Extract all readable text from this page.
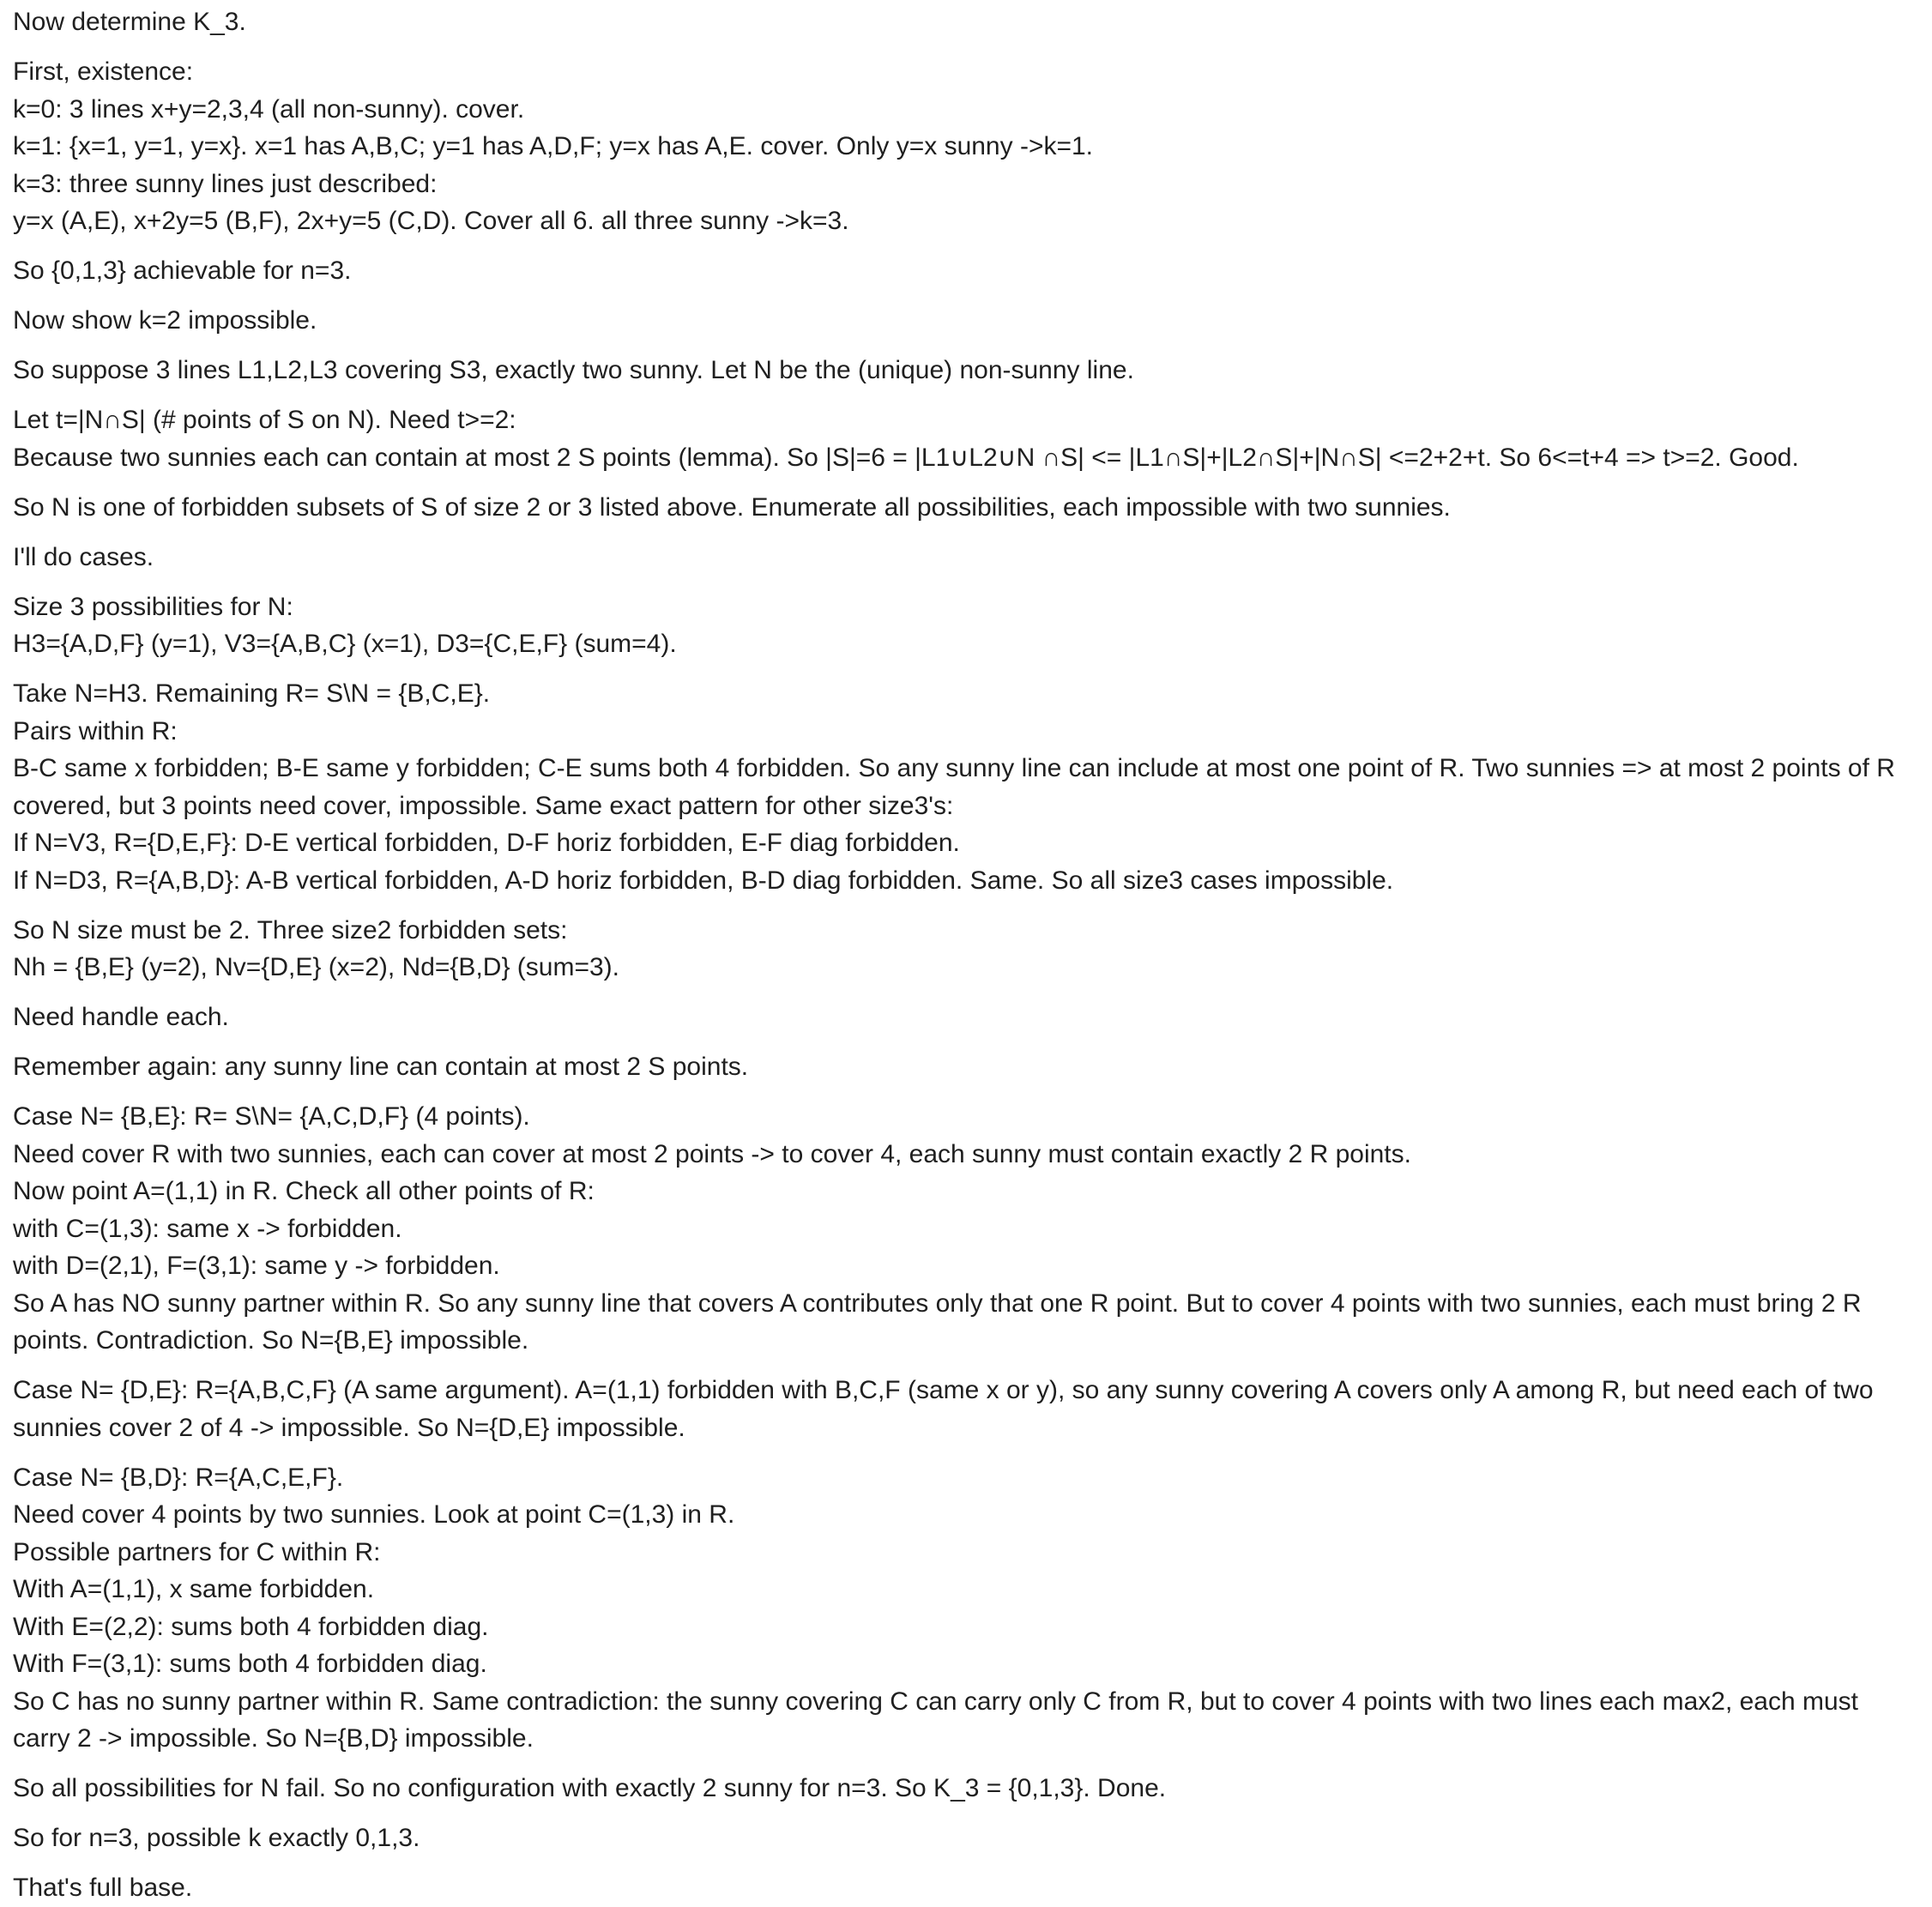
Now determine K_3.
First, existence:
k=0: 3 lines x+y=2,3,4 (all non-sunny). cover.
k=1: {x=1, y=1, y=x}. x=1 has A,B,C; y=1 has A,D,F; y=x has A,E. cover. Only y=x sunny ->k=1.
k=3: three sunny lines just described:
y=x (A,E), x+2y=5 (B,F), 2x+y=5 (C,D). Cover all 6. all three sunny ->k=3.
So {0,1,3} achievable for n=3.
Now show k=2 impossible.
So suppose 3 lines L1,L2,L3 covering S3, exactly two sunny. Let N be the (unique) non-sunny line.
Let t=|N∩S| (# points of S on N). Need t>=2:
Because two sunnies each can contain at most 2 S points (lemma). So |S|=6 = |L1∪L2∪N ∩S| <= |L1∩S|+|L2∩S|+|N∩S| <=2+2+t. So 6<=t+4 => t>=2. Good.
So N is one of forbidden subsets of S of size 2 or 3 listed above. Enumerate all possibilities, each impossible with two sunnies.
I'll do cases.
Size 3 possibilities for N:
H3={A,D,F} (y=1), V3={A,B,C} (x=1), D3={C,E,F} (sum=4).
Take N=H3. Remaining R= S\N = {B,C,E}.
Pairs within R:
B-C same x forbidden; B-E same y forbidden; C-E sums both 4 forbidden. So any sunny line can include at most one point of R. Two sunnies => at most 2 points of R covered, but 3 points need cover, impossible. Same exact pattern for other size3's:
If N=V3, R={D,E,F}: D-E vertical forbidden, D-F horiz forbidden, E-F diag forbidden.
If N=D3, R={A,B,D}: A-B vertical forbidden, A-D horiz forbidden, B-D diag forbidden. Same. So all size3 cases impossible.
So N size must be 2. Three size2 forbidden sets:
Nh = {B,E} (y=2), Nv={D,E} (x=2), Nd={B,D} (sum=3).
Need handle each.
Remember again: any sunny line can contain at most 2 S points.
Case N= {B,E}: R= S\N= {A,C,D,F} (4 points).
Need cover R with two sunnies, each can cover at most 2 points -> to cover 4, each sunny must contain exactly 2 R points.
Now point A=(1,1) in R. Check all other points of R:
with C=(1,3): same x -> forbidden.
with D=(2,1), F=(3,1): same y -> forbidden.
So A has NO sunny partner within R. So any sunny line that covers A contributes only that one R point. But to cover 4 points with two sunnies, each must bring 2 R points. Contradiction. So N={B,E} impossible.
Case N= {D,E}: R={A,B,C,F} (A same argument). A=(1,1) forbidden with B,C,F (same x or y), so any sunny covering A covers only A among R, but need each of two sunnies cover 2 of 4 -> impossible. So N={D,E} impossible.
Case N= {B,D}: R={A,C,E,F}.
Need cover 4 points by two sunnies. Look at point C=(1,3) in R.
Possible partners for C within R:
With A=(1,1), x same forbidden.
With E=(2,2): sums both 4 forbidden diag.
With F=(3,1): sums both 4 forbidden diag.
So C has no sunny partner within R. Same contradiction: the sunny covering C can carry only C from R, but to cover 4 points with two lines each max2, each must carry 2 -> impossible. So N={B,D} impossible.
So all possibilities for N fail. So no configuration with exactly 2 sunny for n=3. So K_3 = {0,1,3}. Done.
So for n=3, possible k exactly 0,1,3.
That's full base.
